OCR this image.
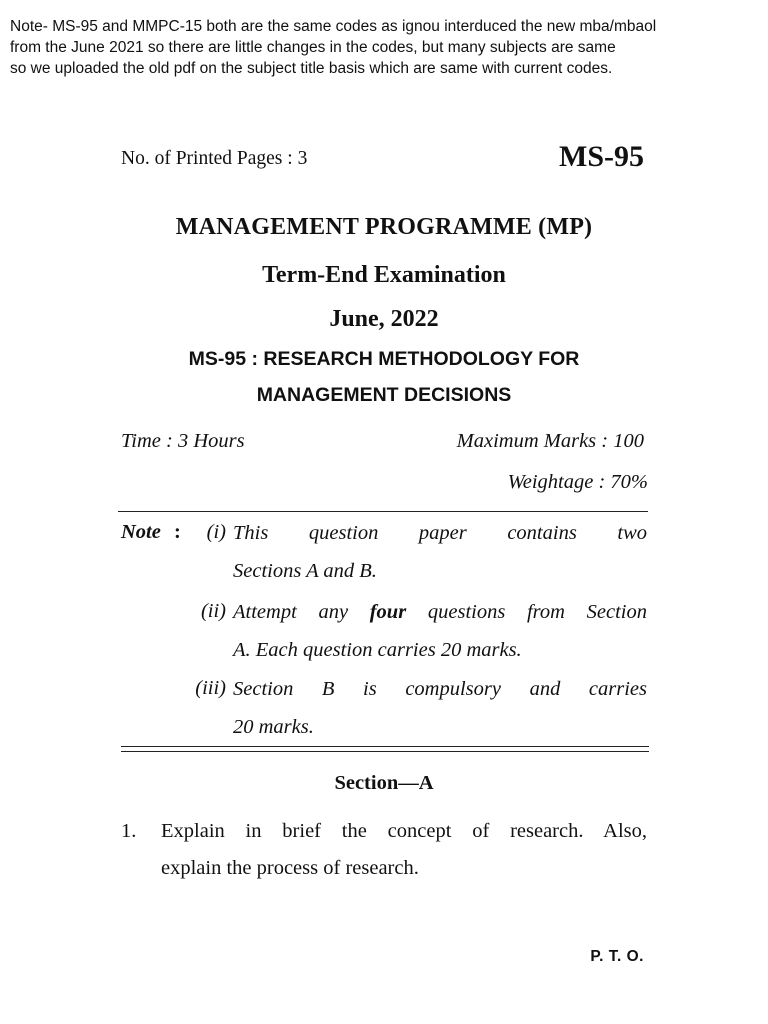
Note- MS-95 and MMPC-15 both are the same codes as ignou interduced the new mba/mbaol
from the June 2021 so there are little changes in the codes, but many subjects are same
so we uploaded the old pdf on the subject title basis which are same with current codes.
No. of Printed Pages : 3	MS-95
MANAGEMENT PROGRAMME (MP)
Term-End Examination
June, 2022
MS-95 : RESEARCH METHODOLOGY FOR
MANAGEMENT DECISIONS
Time : 3 Hours	Maximum Marks : 100
Weightage : 70%
Note :	(i) This question paper contains two
Sections A and B.
(ii) Attempt any four questions from Section
A. Each question carries 20 marks.
(iii) Section B is compulsory and carries
20 marks.
Section—A
1. Explain in brief the concept of research. Also,
explain the process of research.
P. T. O.
